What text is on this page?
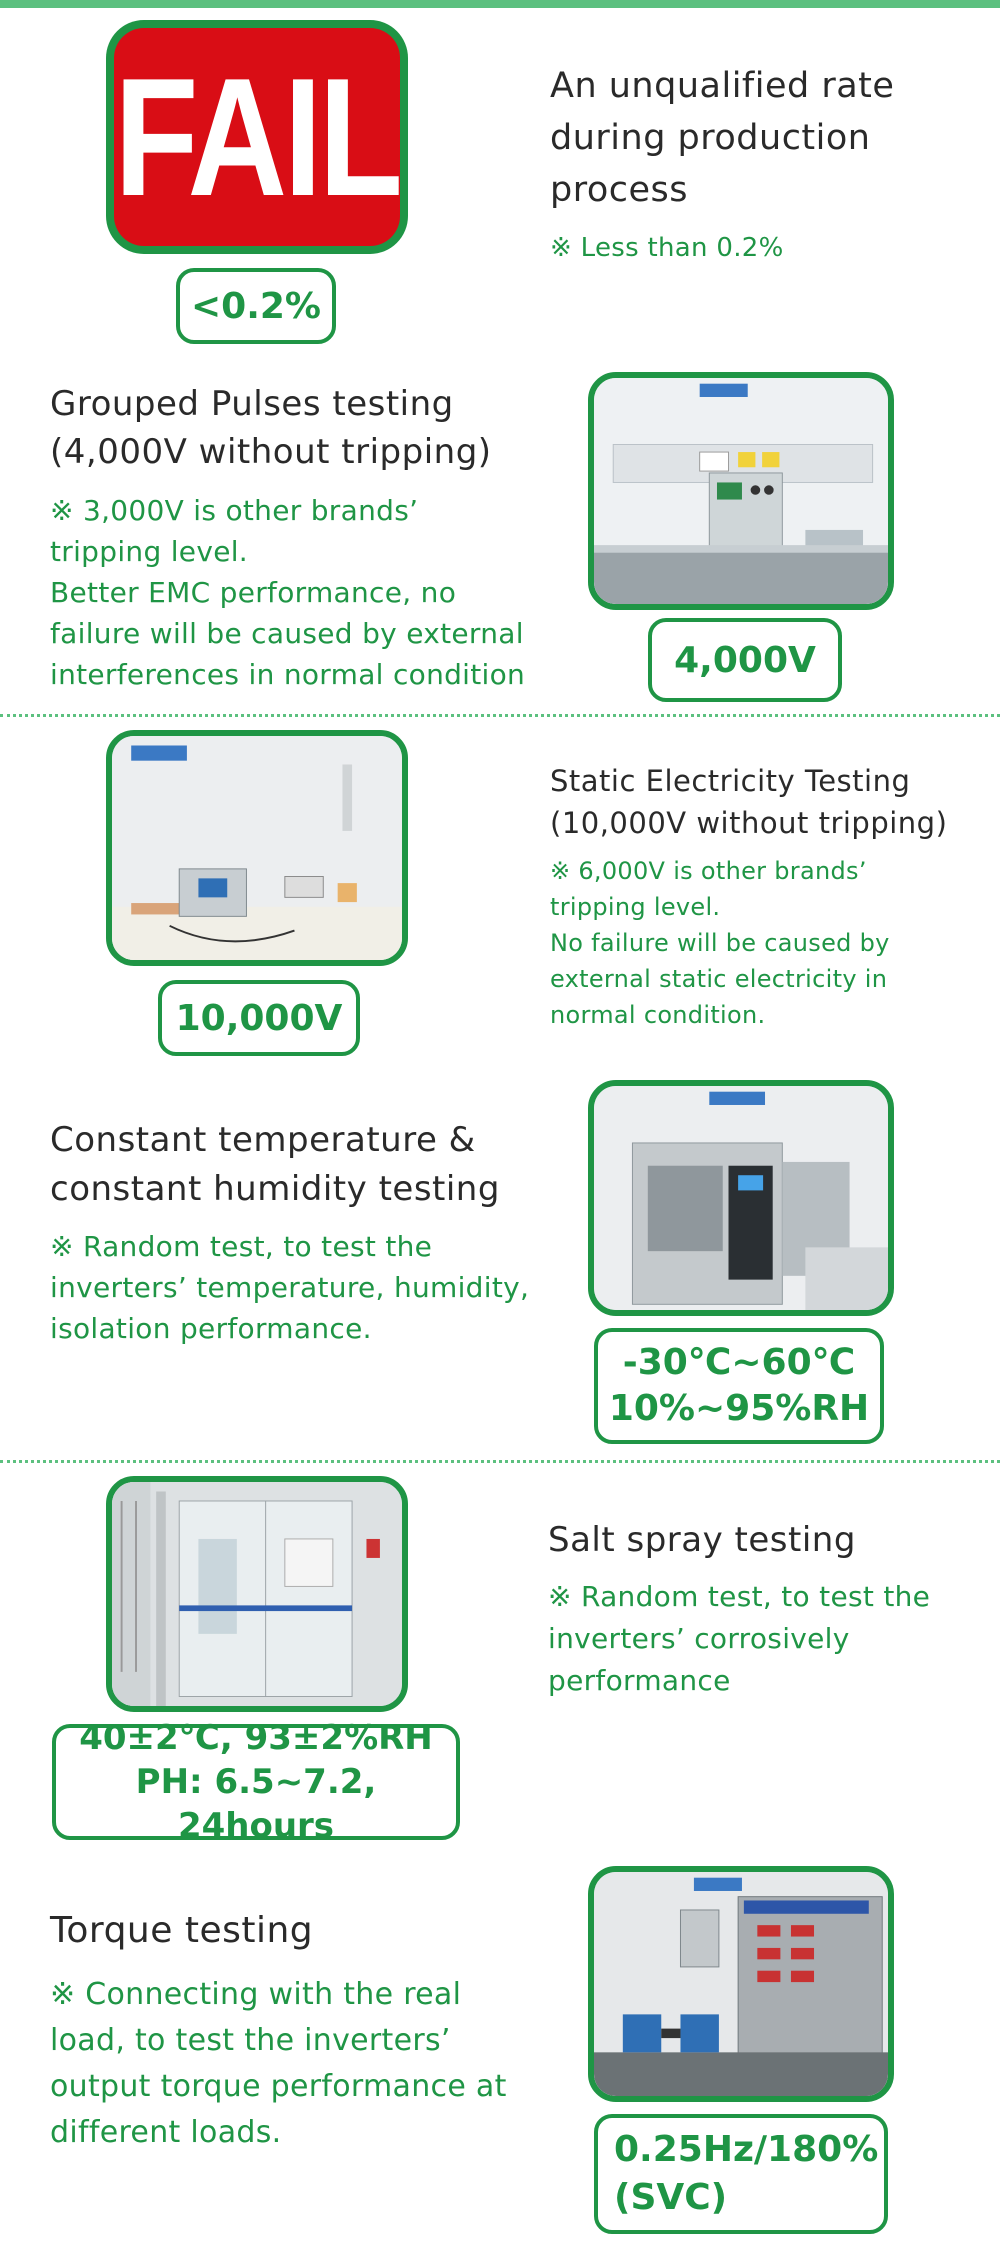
FAIL
<0.2%
An unqualified rate
during production
process
※ Less than 0.2%
Grouped Pulses testing
(4,000V without tripping)
※ 3,000V is other brands’
tripping level.
Better EMC performance, no
failure will be caused by external
interferences in normal condition	4,000V
10,000V
Static Electricity Testing
(10,000V without tripping)
※ 6,000V is other brands’
tripping level.
No failure will be caused by
external static electricity in
normal condition.
Constant temperature &
constant humidity testing
※ Random test, to test the
inverters’ temperature, humidity,
isolation performance.
-30℃~60℃
10%~95%RH
40±2℃, 93±2%RH
PH: 6.5~7.2, 24hours
Salt spray testing
※ Random test, to test the
inverters’ corrosively
performance
Torque testing
※ Connecting with the real
load, to test the inverters’
output torque performance at
different loads.	0.25Hz/180%
(SVC)
